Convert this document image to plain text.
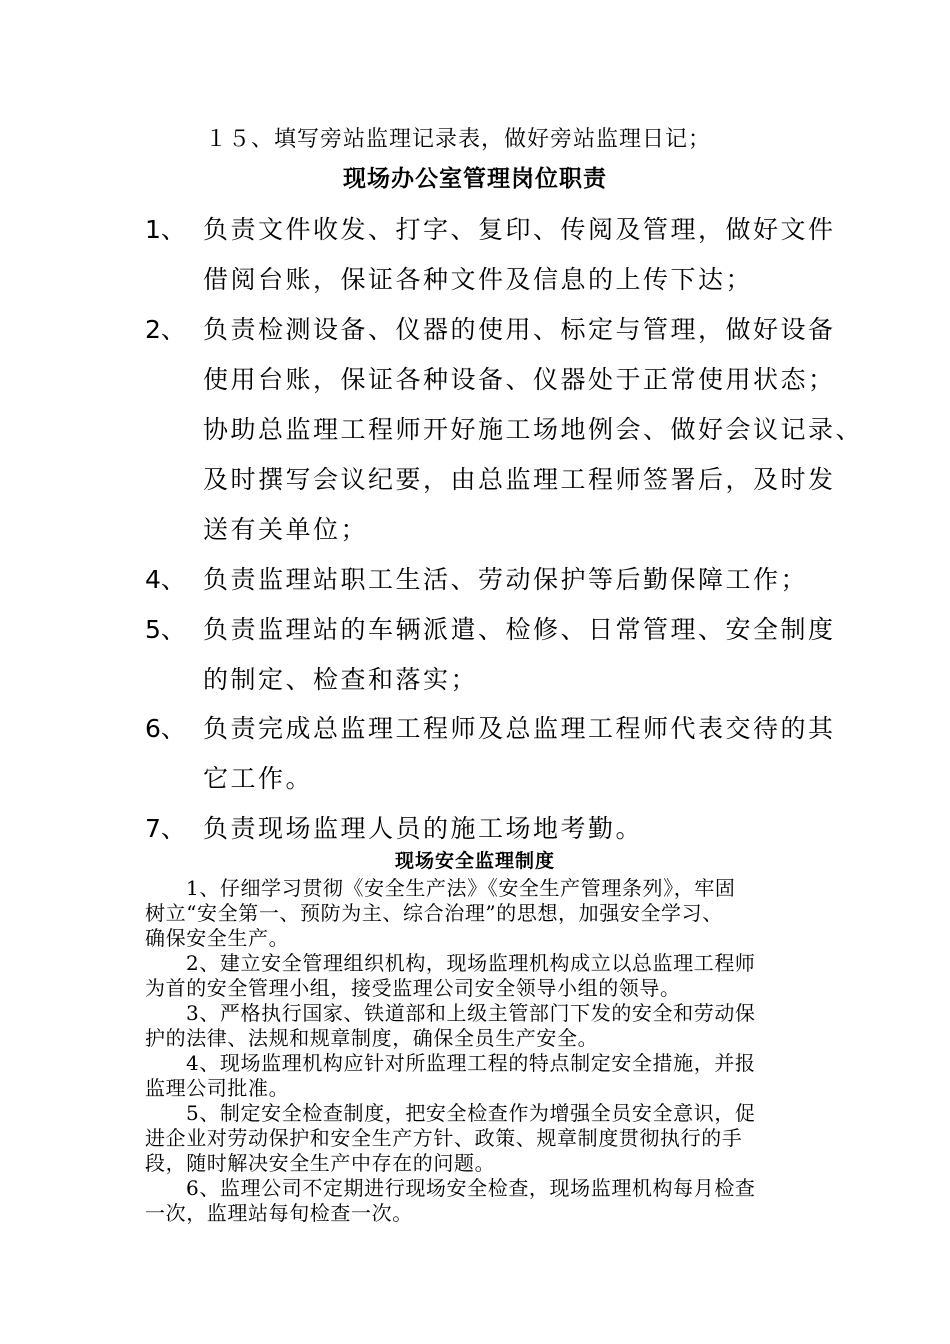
１５、填写旁站监理记录表，做好旁站监理日记；
现场办公室管理岗位职责
1、 负责文件收发、打字、复印、传阅及管理，做好文件
借阅台账，保证各种文件及信息的上传下达；
2、 负责检测设备、仪器的使用、标定与管理，做好设备
使用台账，保证各种设备、仪器处于正常使用状态；
协助总监理工程师开好施工场地例会、做好会议记录、
及时撰写会议纪要，由总监理工程师签署后，及时发
送有关单位；
4、 负责监理站职工生活、劳动保护等后勤保障工作；
5、 负责监理站的车辆派遣、检修、日常管理、安全制度
的制定、检查和落实；
6、 负责完成总监理工程师及总监理工程师代表交待的其
它工作。
7、 负责现场监理人员的施工场地考勤。
现场安全监理制度
1、仔细学习贯彻《安全生产法》《安全生产管理条列》，牢固
树立“安全第一、预防为主、综合治理”的思想，加强安全学习、
确保安全生产。
2、建立安全管理组织机构，现场监理机构成立以总监理工程师
为首的安全管理小组，接受监理公司安全领导小组的领导。
3、严格执行国家、铁道部和上级主管部门下发的安全和劳动保
护的法律、法规和规章制度，确保全员生产安全。
4、现场监理机构应针对所监理工程的特点制定安全措施，并报
监理公司批准。
5、制定安全检查制度，把安全检查作为增强全员安全意识，促
进企业对劳动保护和安全生产方针、政策、规章制度贯彻执行的手
段，随时解决安全生产中存在的问题。
6、监理公司不定期进行现场安全检查，现场监理机构每月检查
一次，监理站每旬检查一次。
